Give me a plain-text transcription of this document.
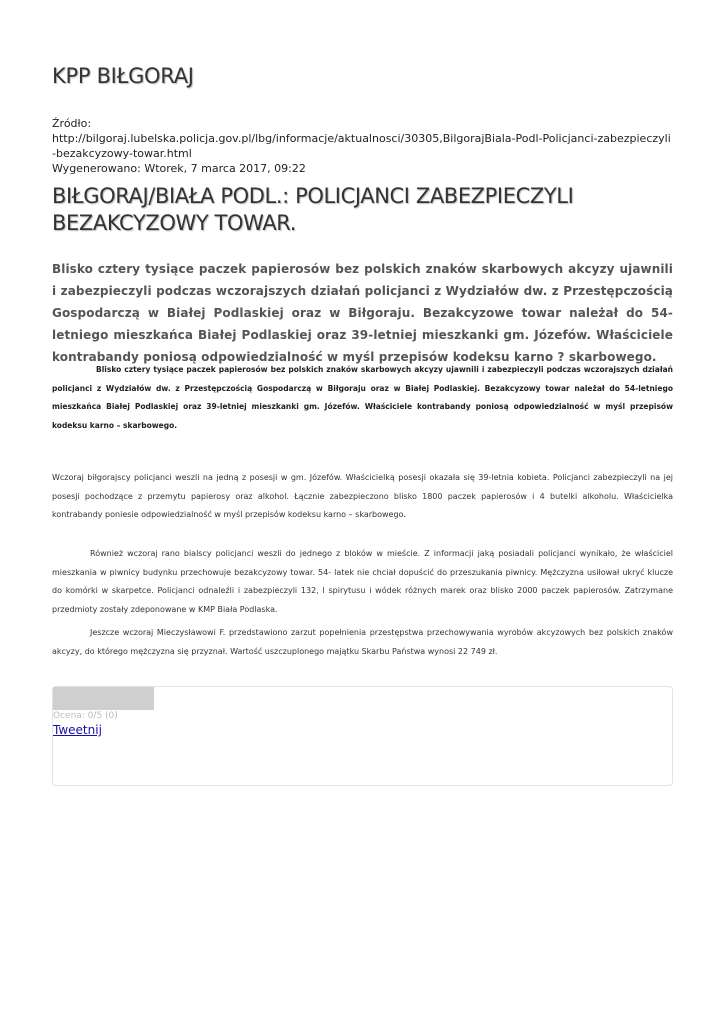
KPP BIŁGORAJ
Źródło:
http://bilgoraj.lubelska.policja.gov.pl/lbg/informacje/aktualnosci/30305,BilgorajBiala-Podl-Policjanci-zabezpieczyli-bezakcyzowy-towar.html
Wygenerowano: Wtorek, 7 marca 2017, 09:22
BIŁGORAJ/BIAŁA PODL.: POLICJANCI ZABEZPIECZYLI BEZAKCYZOWY TOWAR.

Blisko cztery tysiące paczek papierosów bez polskich znaków skarbowych akcyzy ujawnili i zabezpieczyli podczas wczorajszych działań policjanci z Wydziałów dw. z Przestępczością Gospodarczą w Białej Podlaskiej oraz w Biłgoraju. Bezakcyzowe towar należał do 54-letniego mieszkańca Białej Podlaskiej oraz 39-letniej mieszkanki gm. Józefów. Właściciele kontrabandy poniosą odpowiedzialność w myśl przepisów kodeksu karno ? skarbowego.

Blisko cztery tysiące paczek papierosów bez polskich znaków skarbowych akcyzy ujawnili i zabezpieczyli podczas wczorajszych działań policjanci z Wydziałów dw. z Przestępczością Gospodarczą w Biłgoraju oraz w Białej Podlaskiej. Bezakcyzowy towar należał do 54-letniego mieszkańca Białej Podlaskiej oraz 39-letniej mieszkanki gm. Józefów. Właściciele kontrabandy poniosą odpowiedzialność w myśl przepisów kodeksu karno – skarbowego.

Wczoraj biłgorajscy policjanci weszli na jedną z posesji w gm. Józefów. Właścicielką posesji okazała się 39-letnia kobieta. Policjanci zabezpieczyli na jej posesji pochodzące z przemytu papierosy oraz alkohol. Łącznie zabezpieczono blisko 1800 paczek papierosów i 4 butelki alkoholu. Właścicielka kontrabandy poniesie odpowiedzialność w myśl przepisów kodeksu karno – skarbowego.

Również wczoraj rano bialscy policjanci weszli do jednego z bloków w mieście. Z informacji jaką posiadali policjanci wynikało, że właściciel mieszkania w piwnicy budynku przechowuje bezakcyzowy towar. 54- latek nie chciał dopuścić do przeszukania piwnicy. Mężczyzna usiłował ukryć klucze do komórki w skarpetce. Policjanci odnaleźli i zabezpieczyli 132, l spirytusu i wódek różnych marek oraz blisko 2000 paczek papierosów. Zatrzymane przedmioty zostały zdeponowane w KMP Biała Podlaska.

Jeszcze wczoraj Mieczysławowi F. przedstawiono zarzut popełnienia przestępstwa przechowywania wyrobów akcyzowych bez polskich znaków akcyzy, do którego mężczyzna się przyznał. Wartość uszczuplonego majątku Skarbu Państwa wynosi 22 749 zł.

Ocena: 0/5 (0)
Tweetnij
